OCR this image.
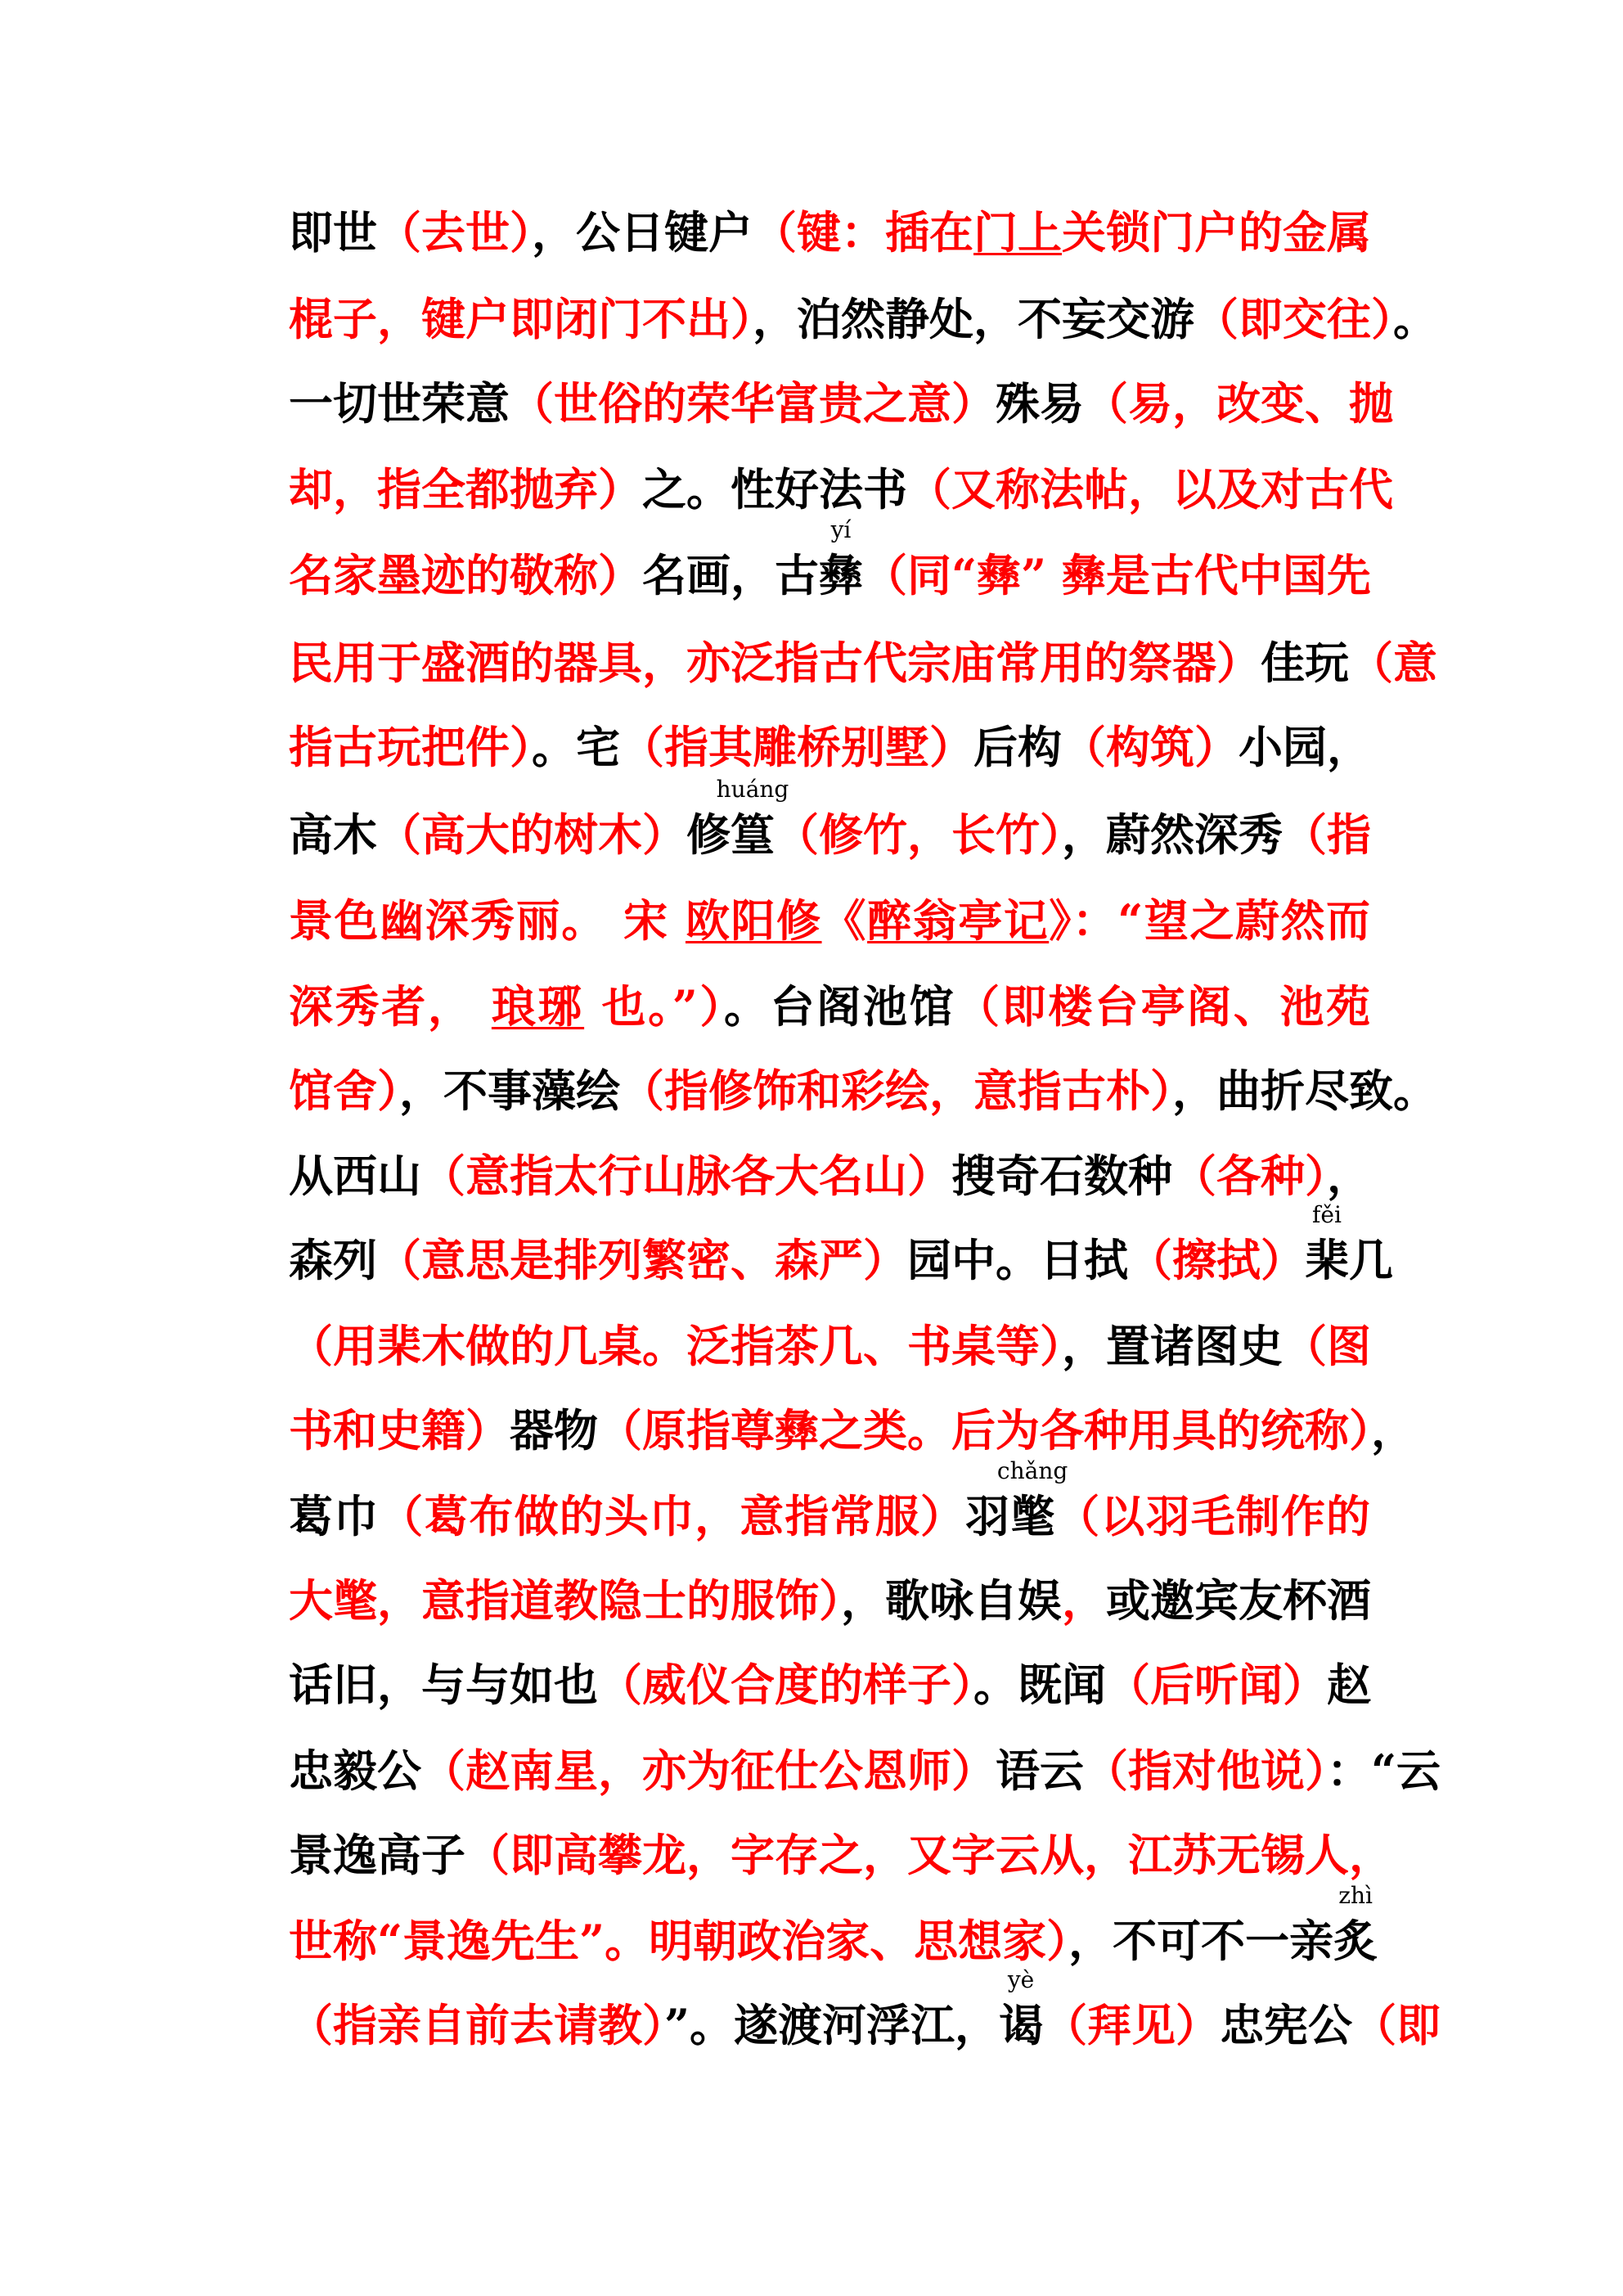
即世（去世），公日键户（键：插在门上关锁门户的金属
棍子，键户即闭门不出），泊然静处，不妄交游（即交往）。
一切世荣意（世俗的荣华富贵之意）殊易（易，改变、抛
却，指全都抛弃）之。性好法书（又称法帖，以及对古代
名家墨迹的敬称）名画，古彝
yí
（同“彝” 彝是古代中国先
民用于盛酒的器具，亦泛指古代宗庙常用的祭器）佳玩（意
指古玩把件）。宅（指其雕桥别墅）后构（构筑）小园，
高木（高大的树木）修篁
huáng
（修竹，长竹），蔚然深秀（指
景色幽深秀丽。 宋 欧阳修《醉翁亭记》：“望之蔚然而
深秀者， 琅琊 也。”）。台阁池馆（即楼台亭阁、池苑
馆舍），不事藻绘（指修饰和彩绘，意指古朴），曲折尽致。
从西山（意指太行山脉各大名山）搜奇石数种（各种），
森列（意思是排列繁密、森严）园中。日拭（擦拭）棐
fěi
几
（用棐木做的几桌。泛指茶几、书桌等），置诸图史（图
书和史籍）器物（原指尊彝之类。后为各种用具的统称），
葛巾（葛布做的头巾，意指常服）羽氅
chǎng
（以羽毛制作的
大氅，意指道教隐士的服饰），歌咏自娱，或邀宾友杯酒
话旧，与与如也（威仪合度的样子）。既闻（后听闻）赵
忠毅公（赵南星，亦为征仕公恩师）语云（指对他说）：“云
景逸高子（即高攀龙，字存之，又字云从，江苏无锡人，
世称“景逸先生”。明朝政治家、思想家），不可不一亲炙
zhì
（指亲自前去请教）”。遂渡河浮江，谒
yè
（拜见）忠宪公（即
